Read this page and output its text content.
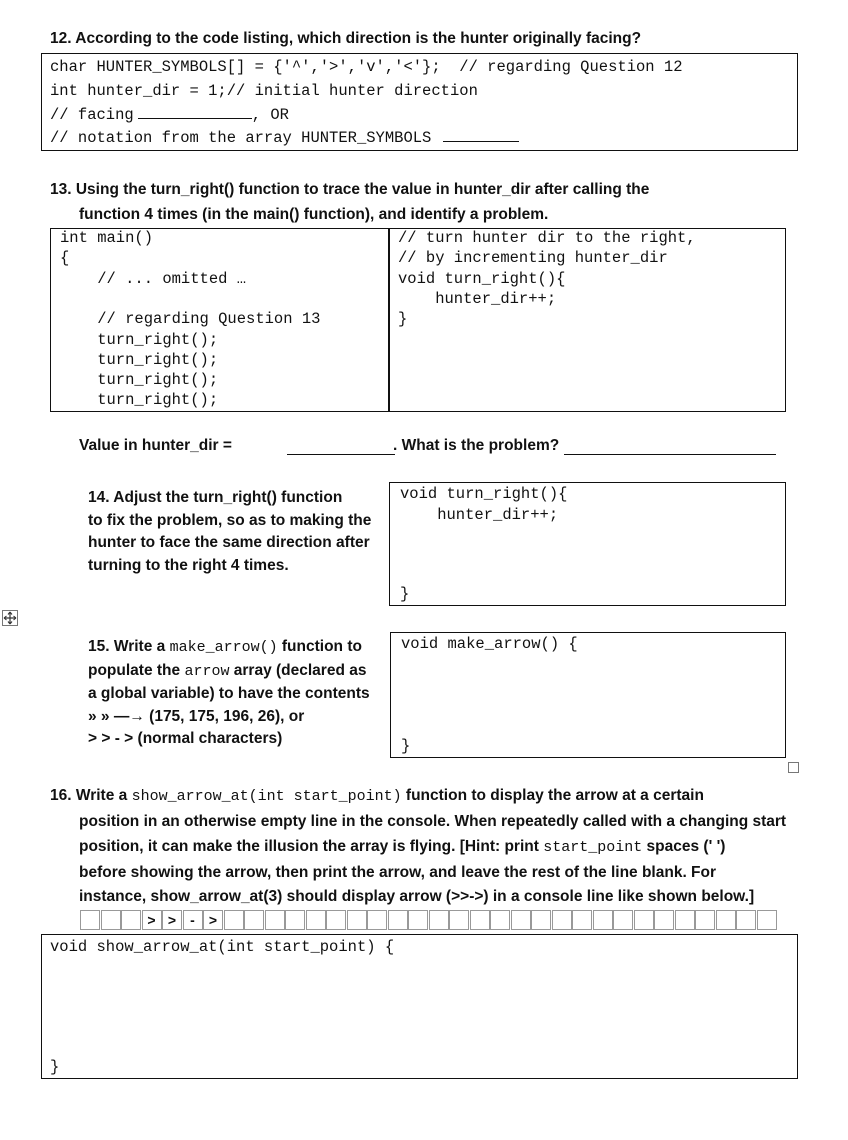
12. According to the code listing, which direction is the hunter originally facing?
char HUNTER_SYMBOLS[] = {'^','>','v','<'};  // regarding Question 12
int hunter_dir = 1;// initial hunter direction
// facing	, OR
// notation from the array HUNTER_SYMBOLS
13. Using the turn_right() function to trace the value in hunter_dir after calling the
function 4 times (in the main() function), and identify a problem.
int main()
{
// ... omitted …
// regarding Question 13
turn_right();
turn_right();
turn_right();
turn_right();
// turn hunter dir to the right,
// by incrementing hunter_dir
void turn_right(){
hunter_dir++;
}
Value in hunter_dir =	. What is the problem?
14. Adjust the turn_right() function
to fix the problem, so as to making the
hunter to face the same direction after
turning to the right 4 times.
void turn_right(){
hunter_dir++;
}
15. Write a make_arrow() function to
populate the arrow array (declared as
a global variable) to have the contents
» » —→ (175, 175, 196, 26), or
> > - > (normal characters)
void make_arrow() {
}
16. Write a show_arrow_at(int start_point) function to display the arrow at a certain
position in an otherwise empty line in the console. When repeatedly called with a changing start
position, it can make the illusion the array is flying. [Hint: print start_point spaces (' ')
before showing the arrow, then print the arrow, and leave the rest of the line blank. For
instance, show_arrow_at(3) should display arrow (>>->) in a console line like shown below.]
> >	-	>
void show_arrow_at(int start_point) {
}
